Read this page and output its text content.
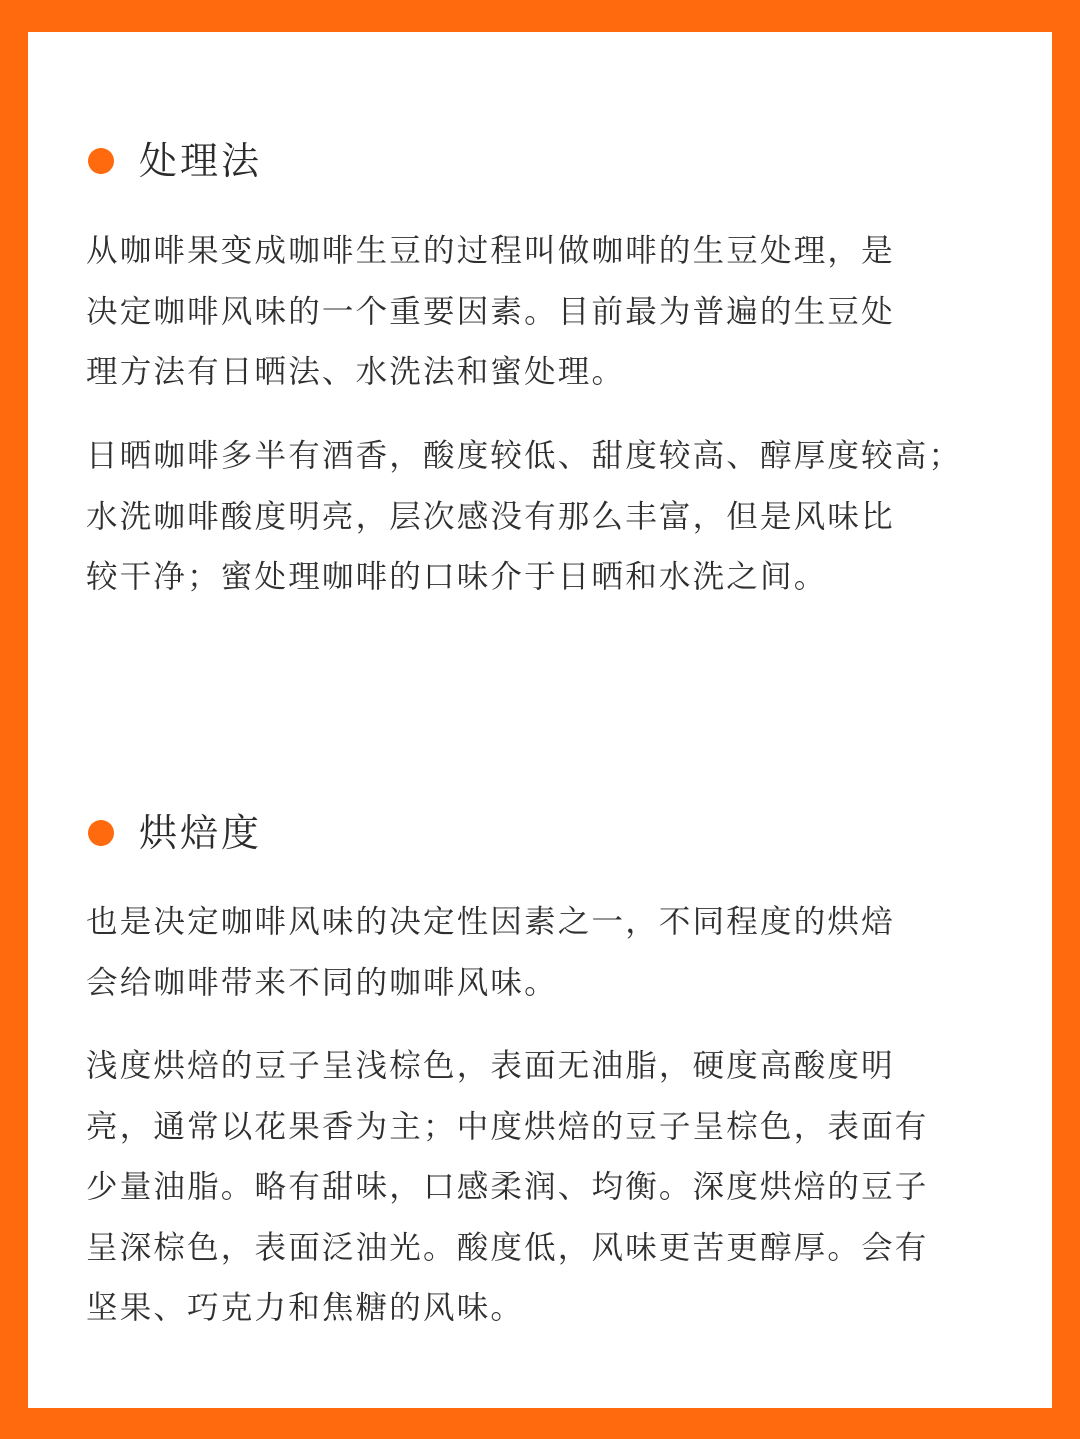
处理法

从咖啡果变成咖啡生豆的过程叫做咖啡的生豆处理，是
决定咖啡风味的一个重要因素。目前最为普遍的生豆处
理方法有日晒法、水洗法和蜜处理。

日晒咖啡多半有酒香，酸度较低、甜度较高、醇厚度较高；
水洗咖啡酸度明亮，层次感没有那么丰富，但是风味比
较干净；蜜处理咖啡的口味介于日晒和水洗之间。

烘焙度

也是决定咖啡风味的决定性因素之一，不同程度的烘焙
会给咖啡带来不同的咖啡风味。

浅度烘焙的豆子呈浅棕色，表面无油脂，硬度高酸度明
亮，通常以花果香为主；中度烘焙的豆子呈棕色，表面有
少量油脂。略有甜味，口感柔润、均衡。深度烘焙的豆子
呈深棕色，表面泛油光。酸度低，风味更苦更醇厚。会有
坚果、巧克力和焦糖的风味。
